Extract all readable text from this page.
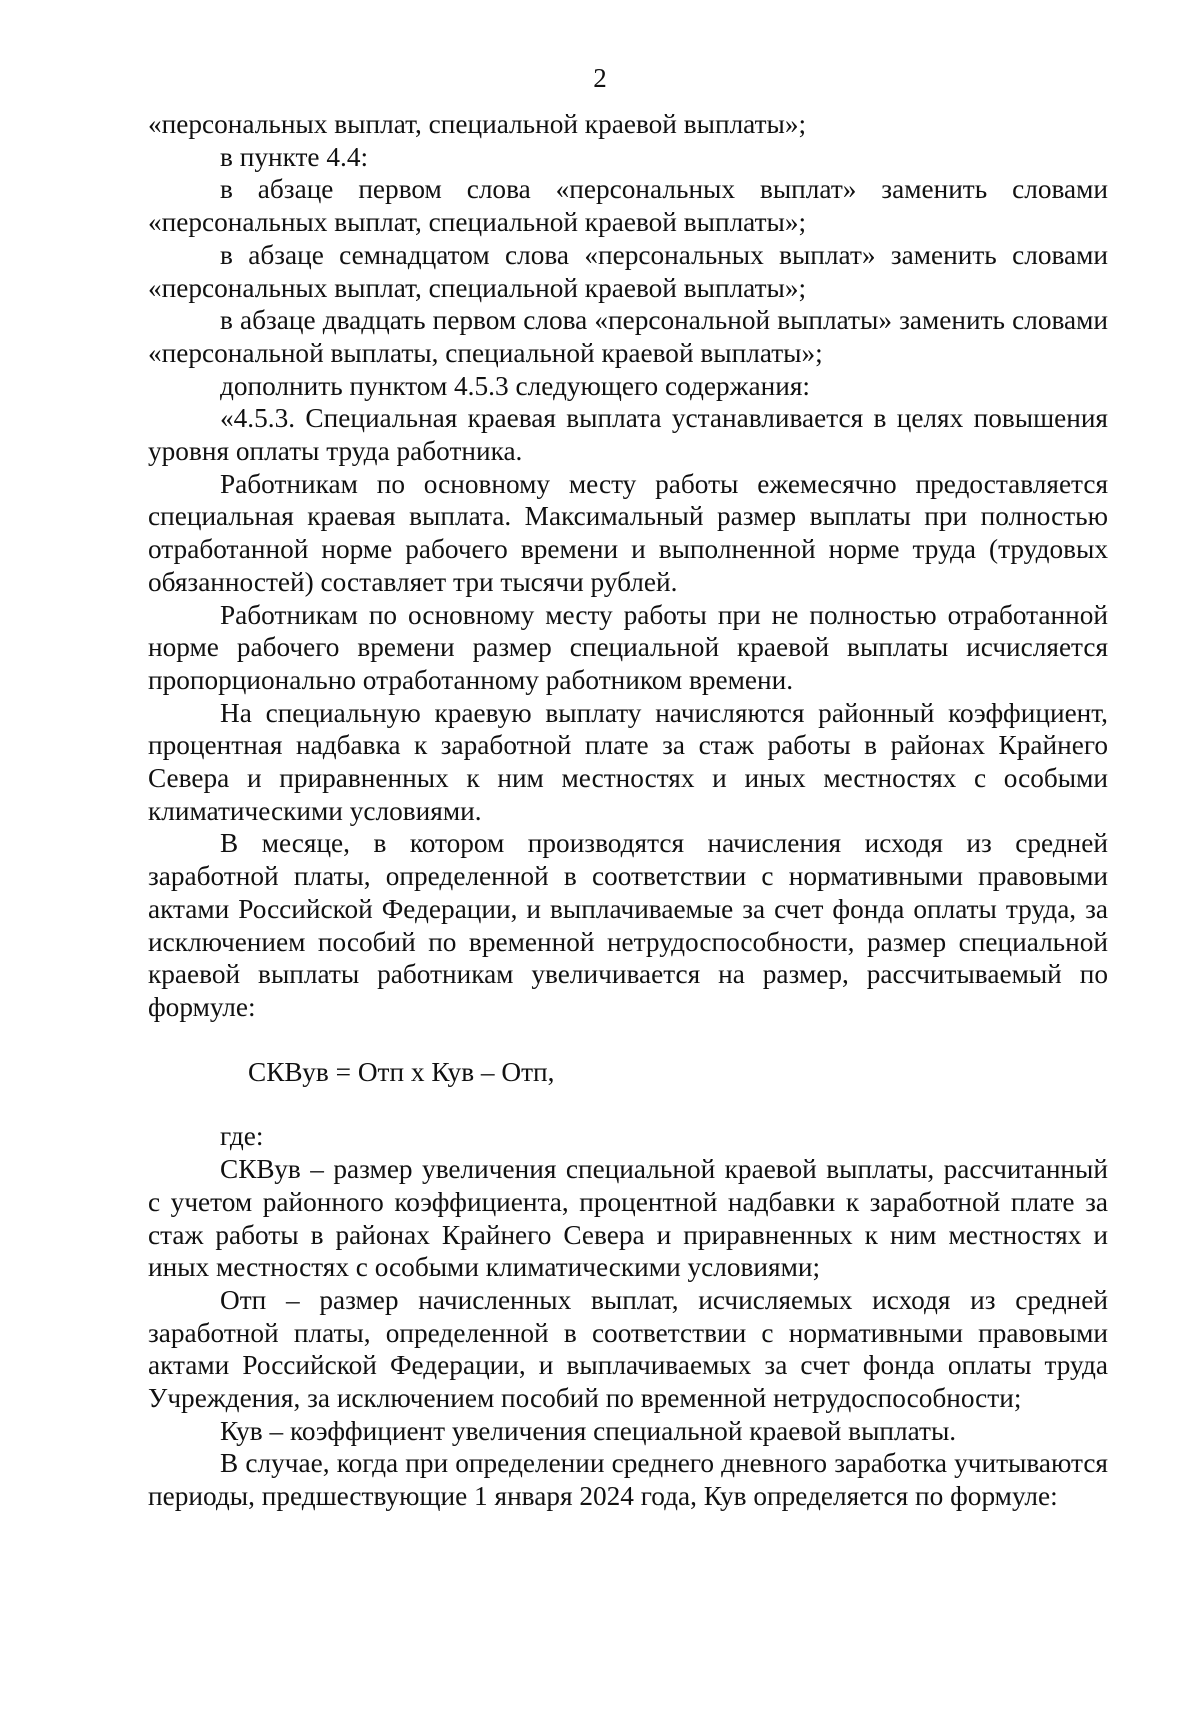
2

«персональных выплат, специальной краевой выплаты»;

в пункте 4.4:

в абзаце первом слова «персональных выплат» заменить словами «персональных выплат, специальной краевой выплаты»;

в абзаце семнадцатом слова «персональных выплат» заменить словами «персональных выплат, специальной краевой выплаты»;

в абзаце двадцать первом слова «персональной выплаты» заменить словами «персональной выплаты, специальной краевой выплаты»;

дополнить пунктом 4.5.3 следующего содержания:

«4.5.3. Специальная краевая выплата устанавливается в целях повышения уровня оплаты труда работника.

Работникам по основному месту работы ежемесячно предоставляется специальная краевая выплата. Максимальный размер выплаты при полностью отработанной норме рабочего времени и выполненной норме труда (трудовых обязанностей) составляет три тысячи рублей.

Работникам по основному месту работы при не полностью отработанной норме рабочего времени размер специальной краевой выплаты исчисляется пропорционально отработанному работником времени.

На специальную краевую выплату начисляются районный коэффициент, процентная надбавка к заработной плате за стаж работы в районах Крайнего Севера и приравненных к ним местностях и иных местностях с особыми климатическими условиями.

В месяце, в котором производятся начисления исходя из средней заработной платы, определенной в соответствии с нормативными правовыми актами Российской Федерации, и выплачиваемые за счет фонда оплаты труда, за исключением пособий по временной нетрудоспособности, размер специальной краевой выплаты работникам увеличивается на размер, рассчитываемый по формуле:

СКВув = Отп х Кув – Отп,

где:

СКВув – размер увеличения специальной краевой выплаты, рассчитанный с учетом районного коэффициента, процентной надбавки к заработной плате за стаж работы в районах Крайнего Севера и приравненных к ним местностях и иных местностях с особыми климатическими условиями;

Отп – размер начисленных выплат, исчисляемых исходя из средней заработной платы, определенной в соответствии с нормативными правовыми актами Российской Федерации, и выплачиваемых за счет фонда оплаты труда Учреждения, за исключением пособий по временной нетрудоспособности;

Кув – коэффициент увеличения специальной краевой выплаты.

В случае, когда при определении среднего дневного заработка учитываются периоды, предшествующие 1 января 2024 года, Кув определяется по формуле:
